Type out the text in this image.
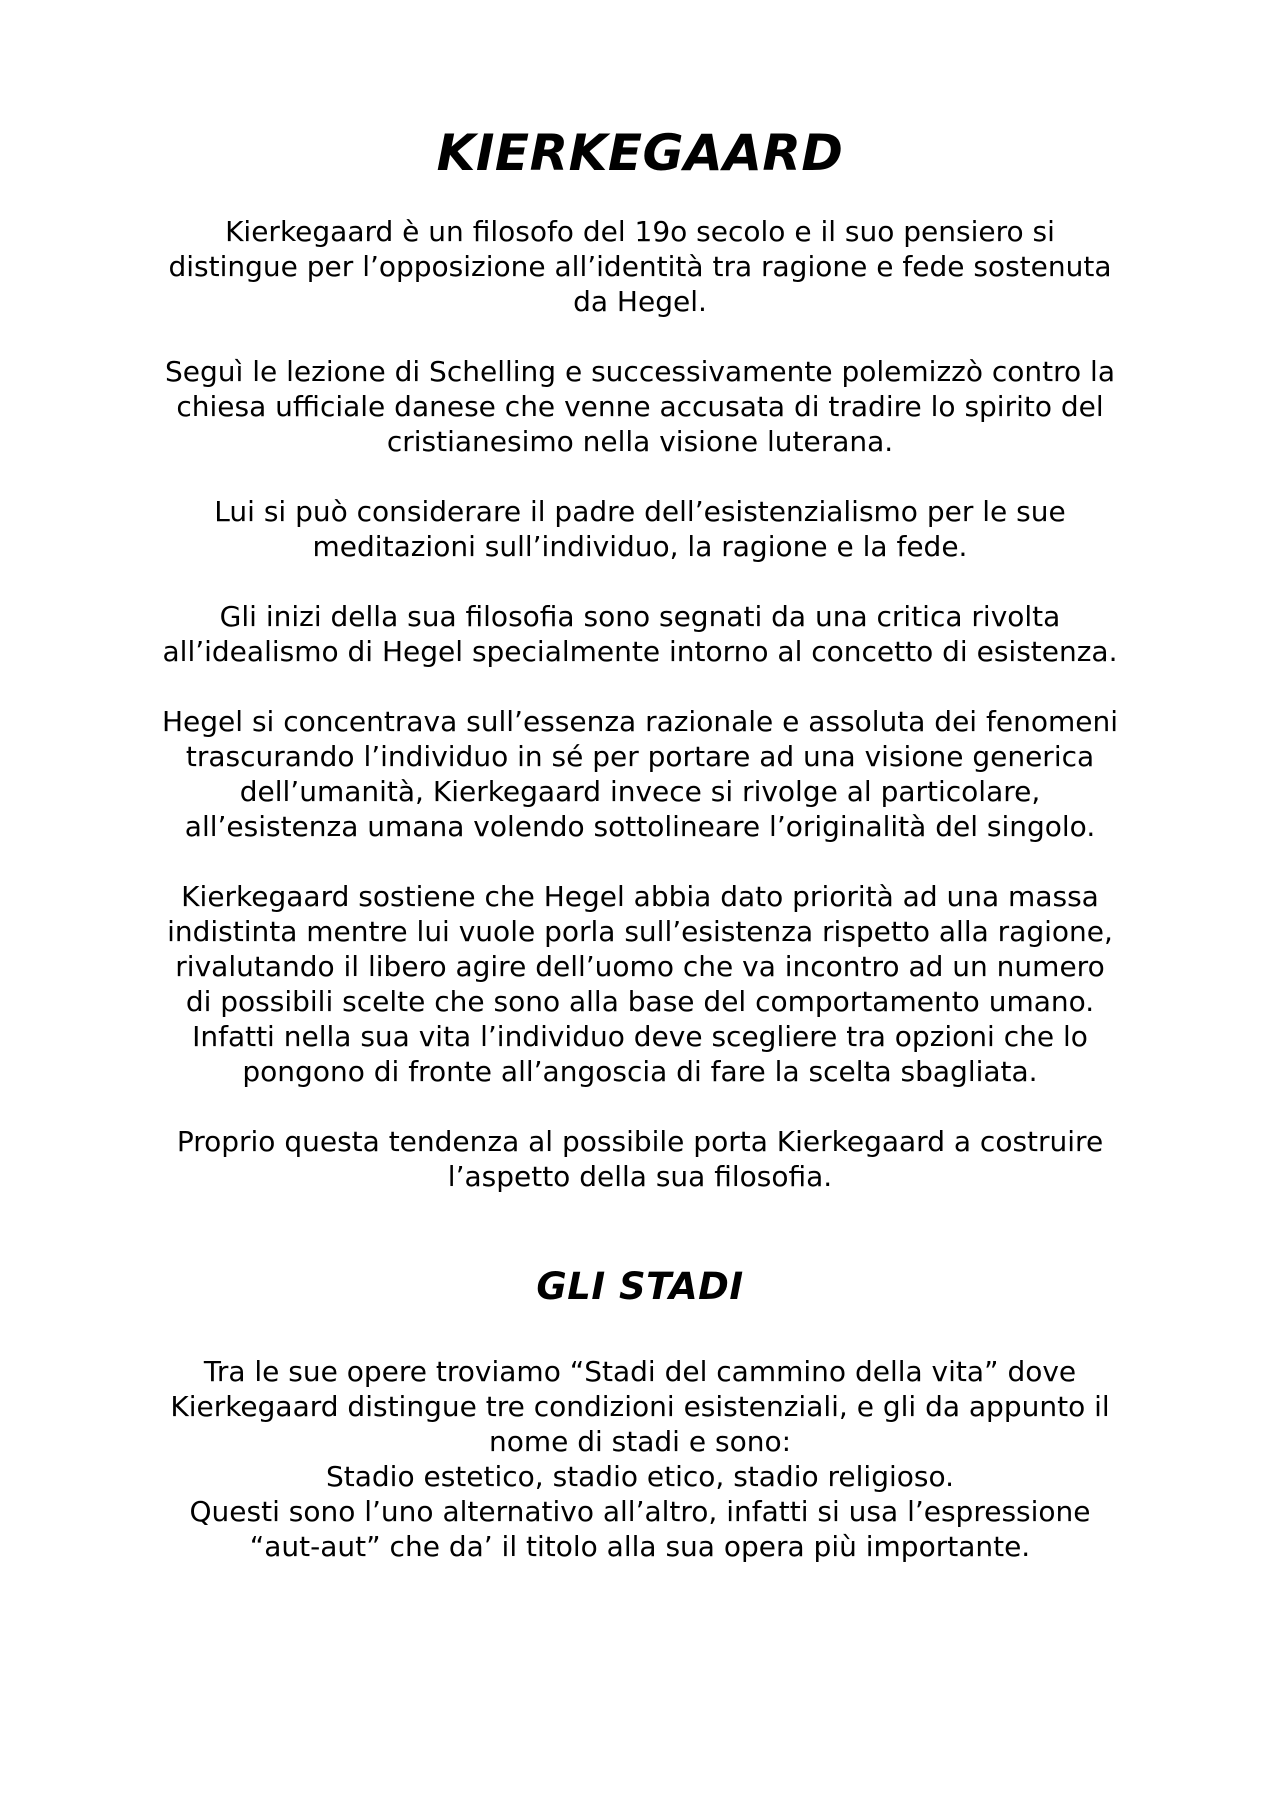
KIERKEGAARD

Kierkegaard è un filosofo del 19o secolo e il suo pensiero si
distingue per l’opposizione all’identità tra ragione e fede sostenuta
da Hegel.

Seguì le lezione di Schelling e successivamente polemizzò contro la
chiesa ufficiale danese che venne accusata di tradire lo spirito del
cristianesimo nella visione luterana.

Lui si può considerare il padre dell’esistenzialismo per le sue
meditazioni sull’individuo, la ragione e la fede.

Gli inizi della sua filosofia sono segnati da una critica rivolta
all’idealismo di Hegel specialmente intorno al concetto di esistenza.

Hegel si concentrava sull’essenza razionale e assoluta dei fenomeni
trascurando l’individuo in sé per portare ad una visione generica
dell’umanità, Kierkegaard invece si rivolge al particolare,
all’esistenza umana volendo sottolineare l’originalità del singolo.

Kierkegaard sostiene che Hegel abbia dato priorità ad una massa
indistinta mentre lui vuole porla sull’esistenza rispetto alla ragione,
rivalutando il libero agire dell’uomo che va incontro ad un numero
di possibili scelte che sono alla base del comportamento umano.
Infatti nella sua vita l’individuo deve scegliere tra opzioni che lo
pongono di fronte all’angoscia di fare la scelta sbagliata.

Proprio questa tendenza al possibile porta Kierkegaard a costruire
l’aspetto della sua filosofia.

GLI STADI

Tra le sue opere troviamo “Stadi del cammino della vita” dove
Kierkegaard distingue tre condizioni esistenziali, e gli da appunto il
nome di stadi e sono:
Stadio estetico, stadio etico, stadio religioso.
Questi sono l’uno alternativo all’altro, infatti si usa l’espressione
“aut-aut” che da’ il titolo alla sua opera più importante.
